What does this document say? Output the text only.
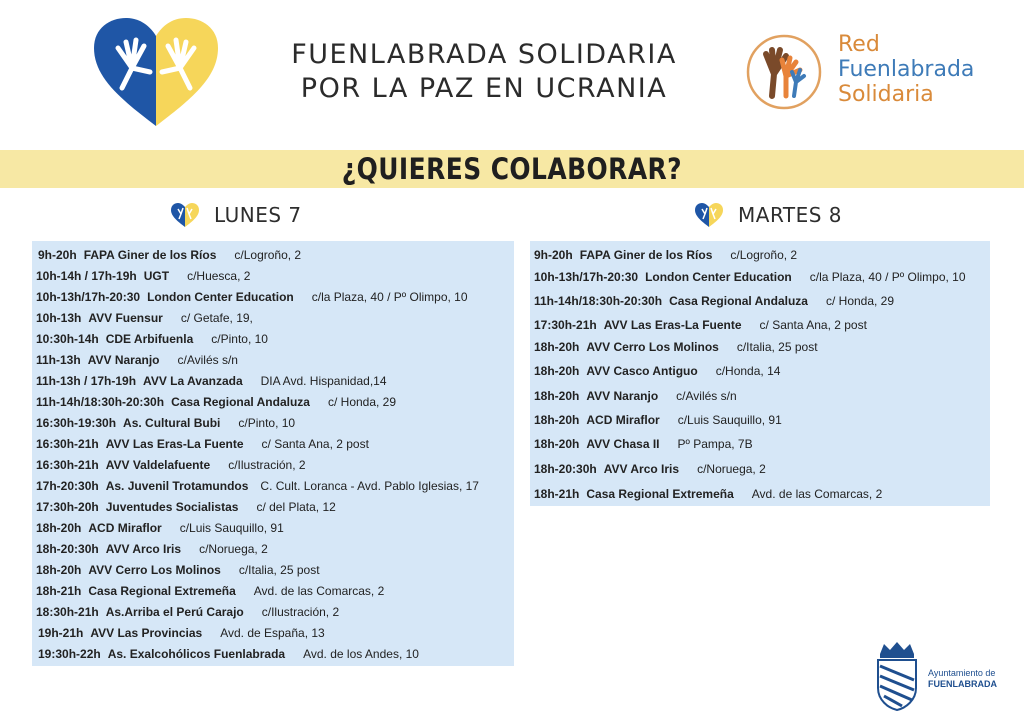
FUENLABRADA SOLIDARIA
POR LA PAZ EN UCRANIA
Red
Fuenlabrada
Solidaria
¿QUIERES COLABORAR?
LUNES 7	MARTES 8
9h-20h FAPA Giner de los Ríos c/Logroño, 2
10h-14h / 17h-19h UGT c/Huesca, 2
10h-13h/17h-20:30 London Center Education c/la Plaza, 40 / Pº Olimpo, 10
10h-13h AVV Fuensur c/ Getafe, 19,
10:30h-14h CDE Arbifuenla c/Pinto, 10
11h-13h AVV Naranjo c/Avilés s/n
11h-13h / 17h-19h AVV La Avanzada DIA Avd. Hispanidad,14
11h-14h/18:30h-20:30h Casa Regional Andaluza c/ Honda, 29
16:30h-19:30h As. Cultural Bubi c/Pinto, 10
16:30h-21h AVV Las Eras-La Fuente c/ Santa Ana, 2 post
16:30h-21h AVV Valdelafuente c/Ilustración, 2
17h-20:30h As. Juvenil Trotamundos C. Cult. Loranca - Avd. Pablo Iglesias, 17
17:30h-20h Juventudes Socialistas c/ del Plata, 12
18h-20h ACD Miraflor c/Luis Sauquillo, 91
18h-20:30h AVV Arco Iris c/Noruega, 2
18h-20h AVV Cerro Los Molinos c/Italia, 25 post
18h-21h Casa Regional Extremeña Avd. de las Comarcas, 2
18:30h-21h As.Arriba el Perú Carajo c/Ilustración, 2
19h-21h AVV Las Provincias Avd. de España, 13
19:30h-22h As. Exalcohólicos Fuenlabrada Avd. de los Andes, 10
9h-20h FAPA Giner de los Ríos c/Logroño, 2
10h-13h/17h-20:30 London Center Education c/la Plaza, 40 / Pº Olimpo, 10
11h-14h/18:30h-20:30h Casa Regional Andaluza c/ Honda, 29
17:30h-21h AVV Las Eras-La Fuente c/ Santa Ana, 2 post
18h-20h AVV Cerro Los Molinos c/Italia, 25 post
18h-20h AVV Casco Antiguo c/Honda, 14
18h-20h AVV Naranjo c/Avilés s/n
18h-20h ACD Miraflor c/Luis Sauquillo, 91
18h-20h AVV Chasa II Pº Pampa, 7B
18h-20:30h AVV Arco Iris c/Noruega, 2
18h-21h Casa Regional Extremeña Avd. de las Comarcas, 2
Ayuntamiento de
FUENLABRADA
